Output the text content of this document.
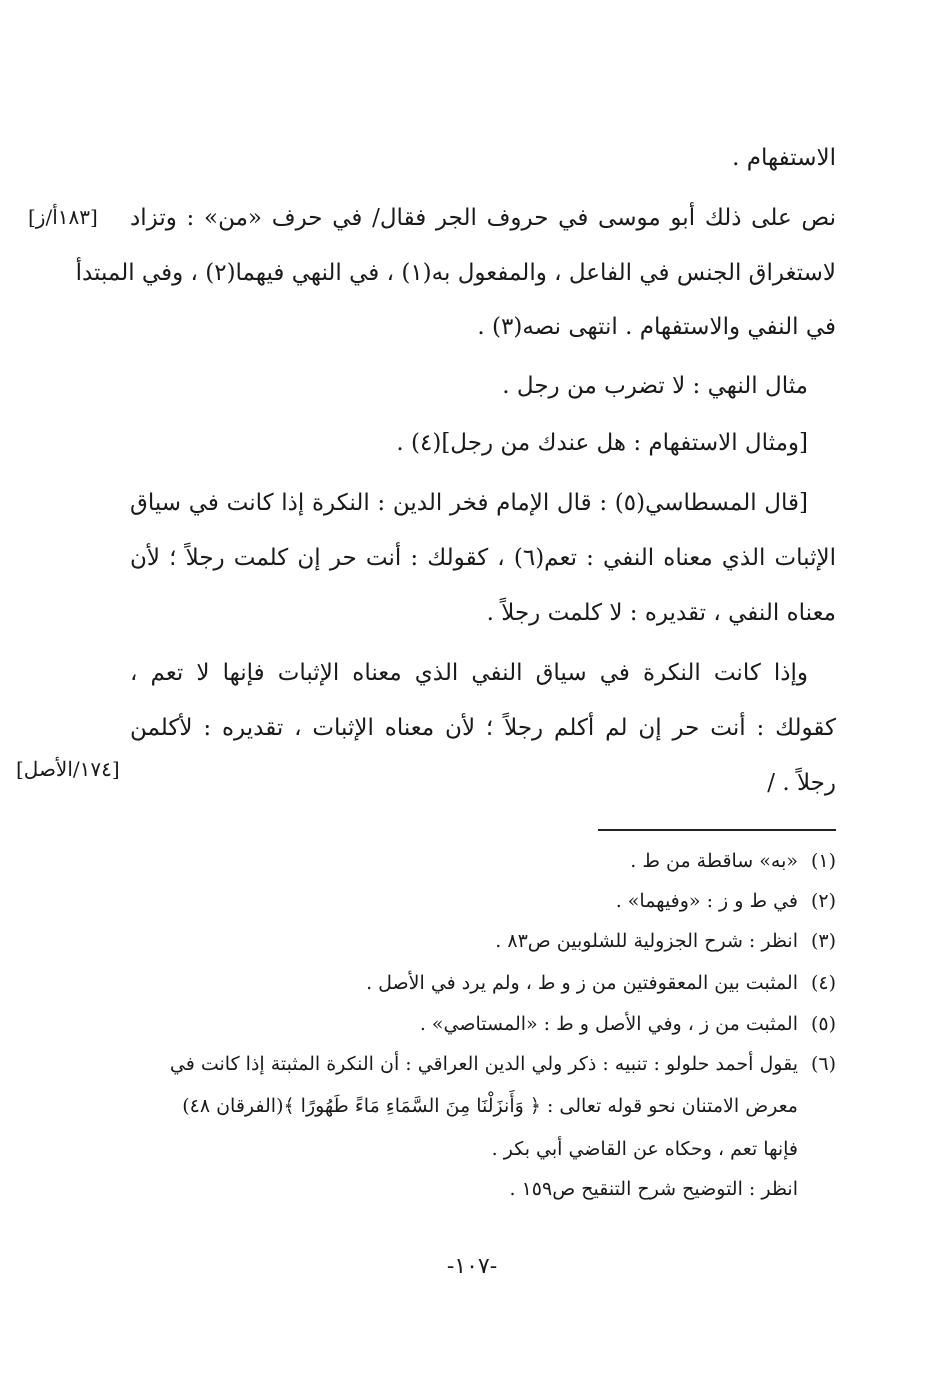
الاستفهام .
نص على ذلك أبو موسى في حروف الجر فقال/ في حرف «من» : وتزاد
لاستغراق الجنس في الفاعل ، والمفعول به(١) ، في النهي فيهما(٢) ، وفي المبتدأ
في النفي والاستفهام . انتهى نصه(٣) .
مثال النهي : لا تضرب من رجل .
[ومثال الاستفهام : هل عندك من رجل](٤) .
[قال المسطاسي(٥) : قال الإمام فخر الدين : النكرة إذا كانت في سياق
الإثبات الذي معناه النفي : تعم(٦) ، كقولك : أنت حر إن كلمت رجلاً ؛ لأن
معناه النفي ، تقديره : لا كلمت رجلاً .
وإذا كانت النكرة في سياق النفي الذي معناه الإثبات فإنها لا تعم ،
كقولك : أنت حر إن لم أكلم رجلاً ؛ لأن معناه الإثبات ، تقديره : لأكلمن
رجلاً . /
[١٨٣أ/ز]
[١٧٤/الأصل]
(١)«به» ساقطة من ط .
(٢)في ط و ز : «وفيهما» .
(٣)انظر : شرح الجزولية للشلوبين ص٨٣ .
(٤)المثبت بين المعقوفتين من ز و ط ، ولم يرد في الأصل .
(٥)المثبت من ز ، وفي الأصل و ط : «المستاصي» .
(٦)يقول أحمد حلولو : تنبيه : ذكر ولي الدين العراقي : أن النكرة المثبتة إذا كانت في
معرض الامتنان نحو قوله تعالى : ﴿ وَأَنزَلْنَا مِنَ السَّمَاءِ مَاءً طَهُورًا ﴾(الفرقان ٤٨)
فإنها تعم ، وحكاه عن القاضي أبي بكر .
انظر : التوضيح شرح التنقيح ص١٥٩ .
-١٠٧-
